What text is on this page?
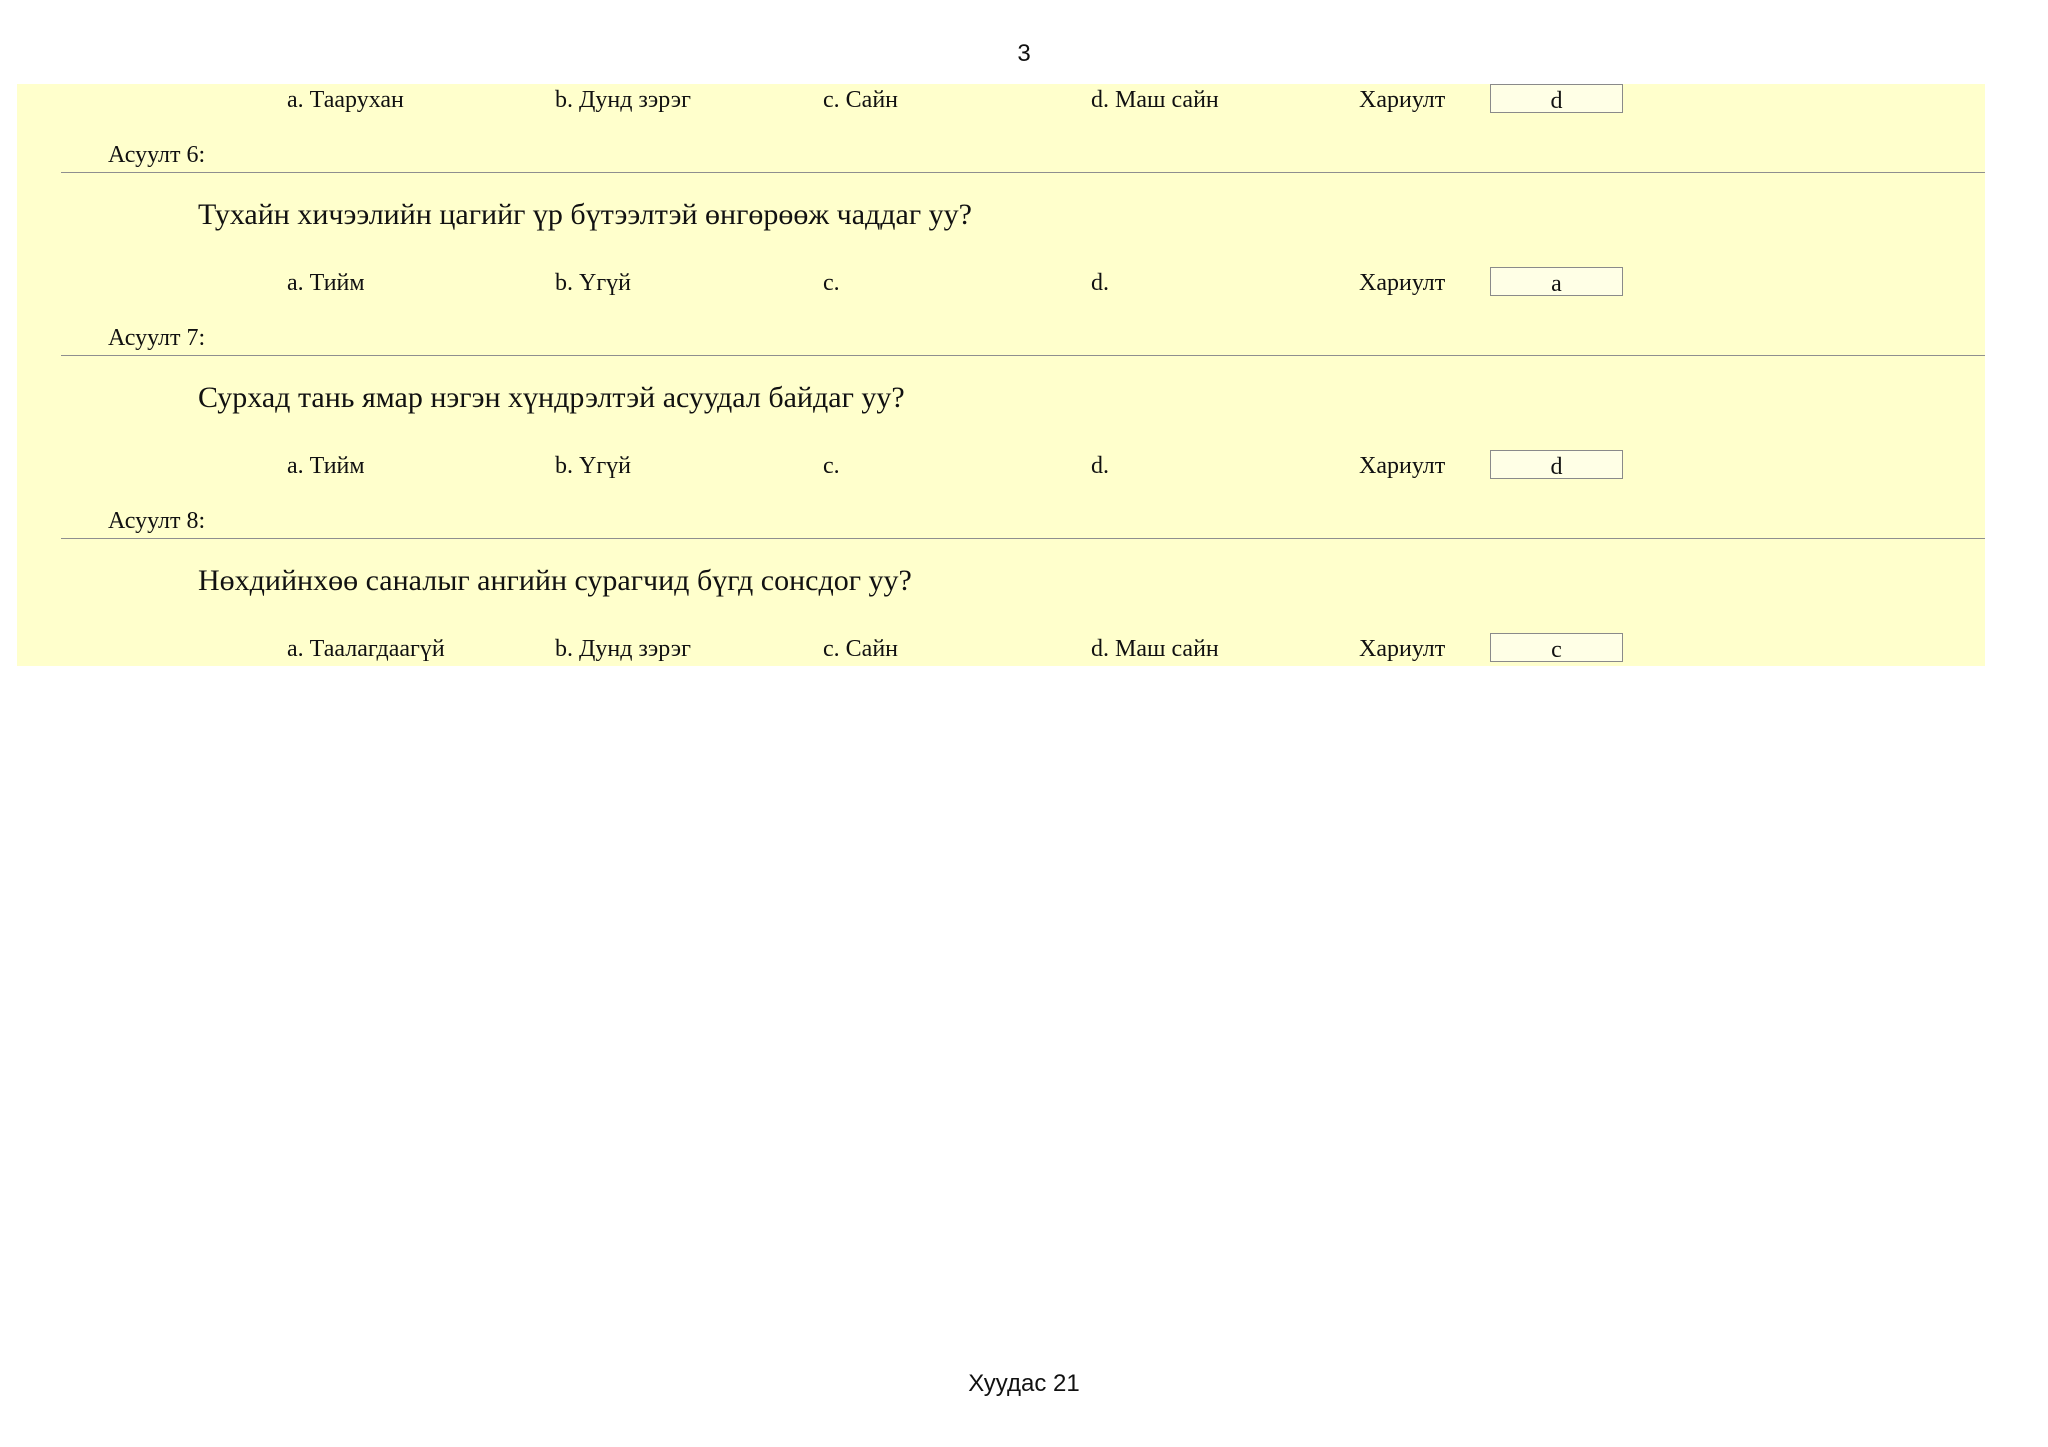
3
a. Таарухан	b. Дунд зэрэг	c. Сайн	d. Маш сайн	Хариулт	d
Асуулт 6:
Тухайн хичээлийн цагийг үр бүтээлтэй өнгөрөөж чаддаг уу?
a. Тийм	b. Үгүй	c.	d.	Хариулт	a
Асуулт 7:
Сурхад тань ямар нэгэн хүндрэлтэй асуудал байдаг уу?
a. Тийм	b. Үгүй	c.	d.	Хариулт	d
Асуулт 8:
Нөхдийнхөө саналыг ангийн сурагчид бүгд сонсдог уу?
a. Таалагдаагүй	b. Дунд зэрэг	c. Сайн	d. Маш сайн	Хариулт	c
Хуудас 21
